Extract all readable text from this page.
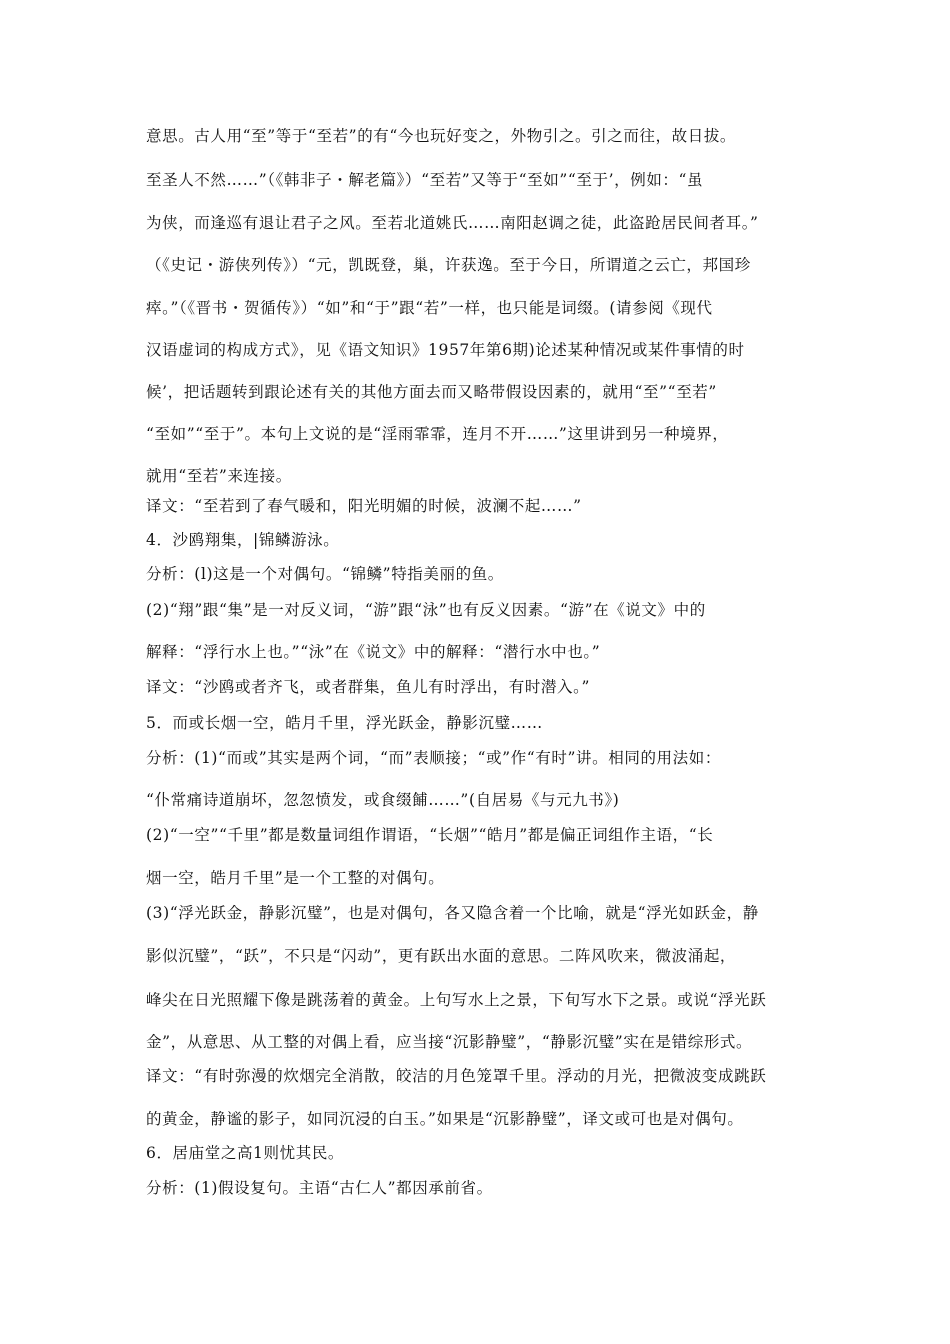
意思。古人用“至”等于“至若”的有“今也玩好变之，外物引之。引之而往，故日拔。
至圣人不然……”（《韩非子・解老篇》）“至若”又等于“至如”“至于’，例如：“虽
为侠，而逢巡有退让君子之风。至若北道姚氏……南阳赵调之徒，此盗跄居民间者耳。”
（《史记・游侠列传》）“元，凯既登，巢，许获逸。至于今日，所谓道之云亡，邦国珍
瘁。”（《晋书・贺循传》）“如”和“于”跟“若”一样，也只能是词缀。(请参阅《现代
汉语虚词的构成方式》，见《语文知识》1957年第6期)论述某种情况或某件事情的时
候’，把话题转到跟论述有关的其他方面去而又略带假设因素的，就用“至”“至若”
“至如”“至于”。本句上文说的是“淫雨霏霏，连月不开……”这里讲到另一种境界，
就用“至若”来连接。
译文：“至若到了春气暖和，阳光明媚的时候，波澜不起……”
4．沙鸥翔集，|锦鳞游泳。
分析：(l)这是一个对偶句。“锦鳞”特指美丽的鱼。
(2)“翔”跟“集”是一对反义词，“游”跟“泳”也有反义因素。“游”在《说文》中的
解释：“浮行水上也。”“泳”在《说文》中的解释：“潜行水中也。”
译文：“沙鸥或者齐飞，或者群集，鱼儿有时浮出，有时潜入。”
5．而或长烟一空，皓月千里，浮光跃金，静影沉璧……
分析：(1)“而或”其实是两个词，“而”表顺接；“或”作“有时”讲。相同的用法如：
“仆常痛诗道崩坏，忽忽愤发，或食缀餔……”(自居易《与元九书》)
(2)“一空”“千里”都是数量词组作谓语，“长烟”“皓月”都是偏正词组作主语，“长
烟一空，皓月千里”是一个工整的对偶句。
(3)“浮光跃金，静影沉璧”，也是对偶句，各又隐含着一个比喻，就是“浮光如跃金，静
影似沉璧”，“跃”，不只是“闪动”，更有跃出水面的意思。二阵风吹来，微波涌起，
峰尖在日光照耀下像是跳荡着的黄金。上句写水上之景，下旬写水下之景。或说“浮光跃
金”，从意思、从工整的对偶上看，应当接“沉影静璧”，“静影沉璧”实在是错综形式。
译文：“有时弥漫的炊烟完全消散，皎洁的月色笼罩千里。浮动的月光，把微波变成跳跃
的黄金，静谧的影子，如同沉浸的白玉。”如果是“沉影静璧”，译文或可也是对偶句。
6．居庙堂之高1则忧其民。
分析：(1)假设复句。主语“古仁人”都因承前省。
